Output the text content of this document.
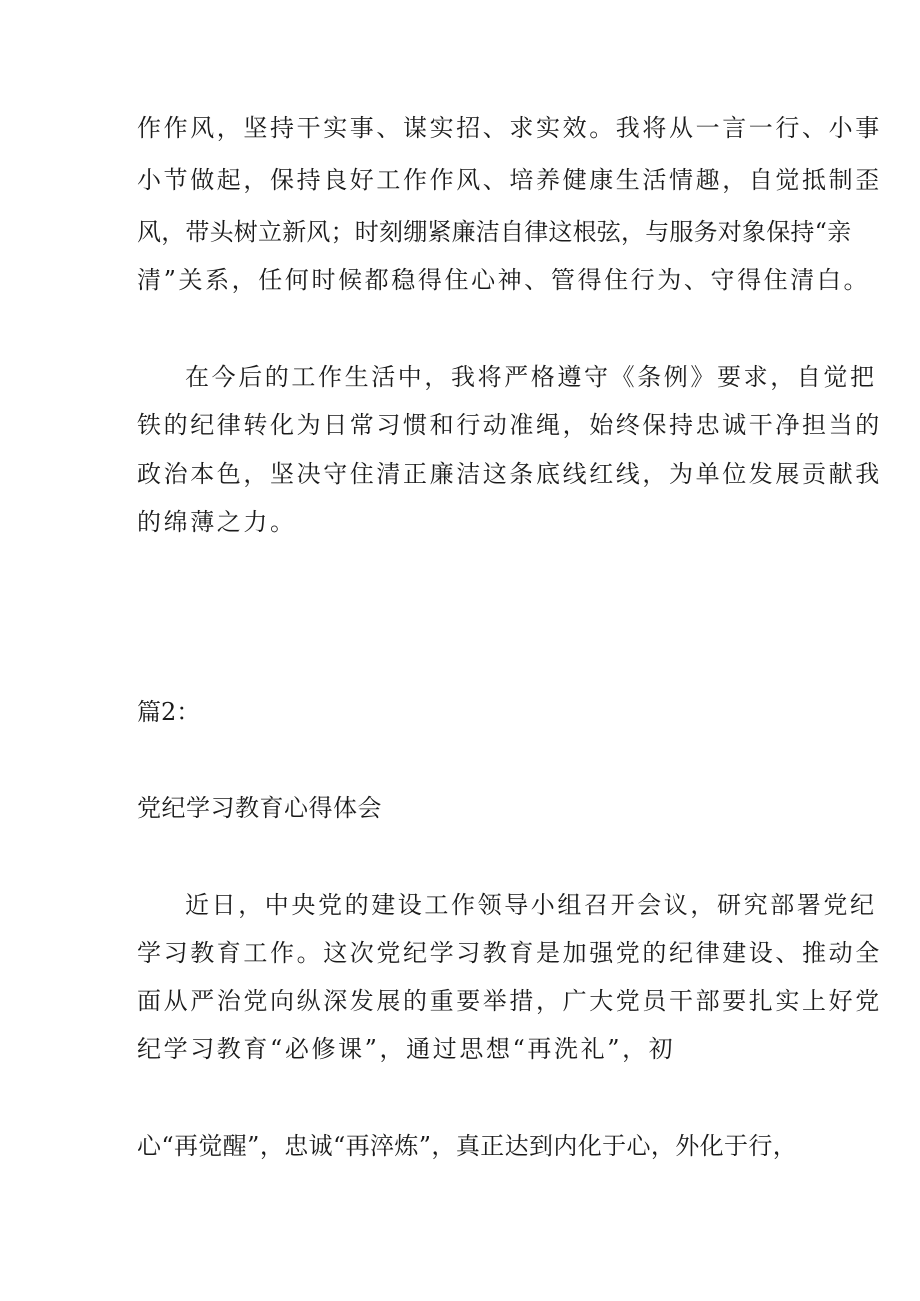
作作风，坚持干实事、谋实招、求实效。我将从一言一行、小事
小节做起，保持良好工作作风、培养健康生活情趣，自觉抵制歪
风，带头树立新风；时刻绷紧廉洁自律这根弦，与服务对象保持“亲
清”关系，任何时候都稳得住心神、管得住行为、守得住清白。
在今后的工作生活中，我将严格遵守《条例》要求，自觉把
铁的纪律转化为日常习惯和行动准绳，始终保持忠诚干净担当的
政治本色，坚决守住清正廉洁这条底线红线，为单位发展贡献我
的绵薄之力。
篇2：
党纪学习教育心得体会
近日，中央党的建设工作领导小组召开会议，研究部署党纪
学习教育工作。这次党纪学习教育是加强党的纪律建设、推动全
面从严治党向纵深发展的重要举措，广大党员干部要扎实上好党
纪学习教育“必修课”，通过思想“再洗礼”，初
心“再觉醒”，忠诚“再淬炼”，真正达到内化于心，外化于行，
